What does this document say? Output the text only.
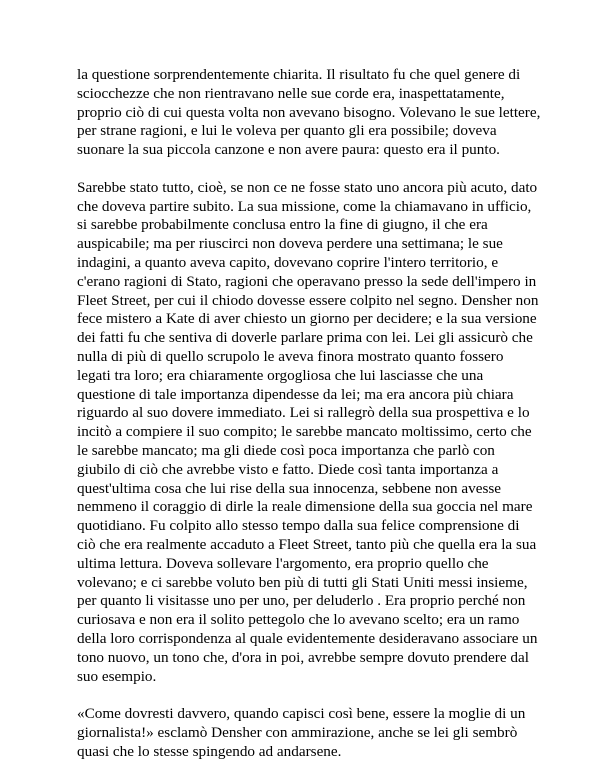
la questione sorprendentemente chiarita. Il risultato fu che quel genere di
sciocchezze che non rientravano nelle sue corde era, inaspettatamente,
proprio ciò di cui questa volta non avevano bisogno. Volevano le sue lettere,
per strane ragioni, e lui le voleva per quanto gli era possibile; doveva
suonare la sua piccola canzone e non avere paura: questo era il punto.

Sarebbe stato tutto, cioè, se non ce ne fosse stato uno ancora più acuto, dato
che doveva partire subito. La sua missione, come la chiamavano in ufficio,
si sarebbe probabilmente conclusa entro la fine di giugno, il che era
auspicabile; ma per riuscirci non doveva perdere una settimana; le sue
indagini, a quanto aveva capito, dovevano coprire l'intero territorio, e
c'erano ragioni di Stato, ragioni che operavano presso la sede dell'impero in
Fleet Street, per cui il chiodo dovesse essere colpito nel segno. Densher non
fece mistero a Kate di aver chiesto un giorno per decidere; e la sua versione
dei fatti fu che sentiva di doverle parlare prima con lei. Lei gli assicurò che
nulla di più di quello scrupolo le aveva finora mostrato quanto fossero
legati tra loro; era chiaramente orgogliosa che lui lasciasse che una
questione di tale importanza dipendesse da lei; ma era ancora più chiara
riguardo al suo dovere immediato. Lei si rallegrò della sua prospettiva e lo
incitò a compiere il suo compito; le sarebbe mancato moltissimo, certo che
le sarebbe mancato; ma gli diede così poca importanza che parlò con
giubilo di ciò che avrebbe visto e fatto. Diede così tanta importanza a
quest'ultima cosa che lui rise della sua innocenza, sebbene non avesse
nemmeno il coraggio di dirle la reale dimensione della sua goccia nel mare
quotidiano. Fu colpito allo stesso tempo dalla sua felice comprensione di
ciò che era realmente accaduto a Fleet Street, tanto più che quella era la sua
ultima lettura. Doveva sollevare l'argomento, era proprio quello che
volevano; e ci sarebbe voluto ben più di tutti gli Stati Uniti messi insieme,
per quanto li visitasse uno per uno, per deluderlo . Era proprio perché non
curiosava e non era il solito pettegolo che lo avevano scelto; era un ramo
della loro corrispondenza al quale evidentemente desideravano associare un
tono nuovo, un tono che, d'ora in poi, avrebbe sempre dovuto prendere dal
suo esempio.

«Come dovresti davvero, quando capisci così bene, essere la moglie di un
giornalista!» esclamò Densher con ammirazione, anche se lei gli sembrò
quasi che lo stesse spingendo ad andarsene.
